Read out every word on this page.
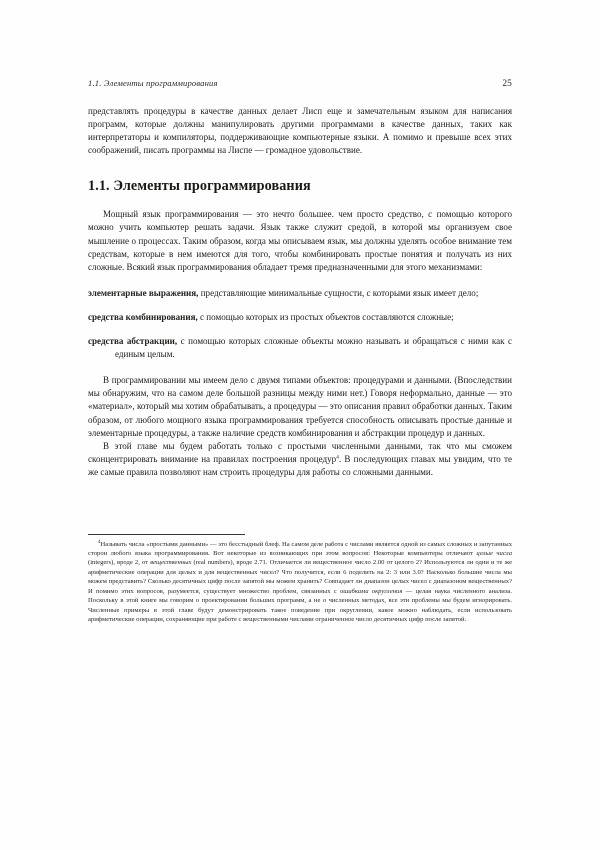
1.1. Элементы программирования	25

представлять процедуры в качестве данных делает Лисп еще и замечательным языком для написания программ, которые должны манипулировать другими программами в качестве данных, таких как интерпретаторы и компиляторы, поддерживающие компьютерные языки. А помимо и превыше всех этих соображений, писать программы на Лиспе — громадное удовольствие.

1.1. Элементы программирования

Мощный язык программирования — это нечто большее. чем просто средство, с помощью которого можно учить компьютер решать задачи. Язык также служит средой, в которой мы организуем свое мышление о процессах. Таким образом, когда мы описываем язык, мы должны уделять особое внимание тем средствам, которые в нем имеются для того, чтобы комбинировать простые понятия и получать из них сложные. Всякий язык программирования обладает тремя предназначенными для этого механизмами:

элементарные выражения, представляющие минимальные сущности, с которыми язык имеет дело;
средства комбинирования, с помощью которых из простых объектов составляются сложные;
средства абстракции, с помощью которых сложные объекты можно называть и обращаться с ними как с единым целым.

В программировании мы имеем дело с двумя типами объектов: процедурами и данными. (Впоследствии мы обнаружим, что на самом деле большой разницы между ними нет.) Говоря неформально, данные — это «материал», который мы хотим обрабатывать, а процедуры — это описания правил обработки данных. Таким образом, от любого мощного языка программирования требуется способность описывать простые данные и элементарные процедуры, а также наличие средств комбинирования и абстракции процедур и данных.

В этой главе мы будем работать только с простыми численными данными, так что мы сможем сконцентрировать внимание на правилах построения процедур$^4$. В последующих главах мы увидим, что те же самые правила позволяют нам строить процедуры для работы со сложными данными.

$^4$Называть числа «простыми данными» — это бесстыдный блеф. На самом деле работа с числами является одной из самых сложных и запутанных сторон любого языка программирования. Вот некоторые из возникающих при этом вопросов: Некоторые компьютеры отличают целые числа (integers), вроде 2, от вещественных (real numbers), вроде 2.71. Отличается ли вещественное число 2.00 от целого 2? Используются ли одни и те же арифметические операции для целых и для вещественных чисел? Что получится, если 6 поделить на 2: 3 или 3.0? Насколько большие числа мы можем представить? Сколько десятичных цифр после запятой мы можем хранить? Совпадает ли диапазон целых чисел с диапазоном вещественных? И помимо этих вопросов, разумеется, существует множество проблем, связанных с ошибками округления — целая наука численного анализа. Поскольку в этой книге мы говорим о проектировании больших программ, а не о численных методах, все эти проблемы мы будем игнорировать. Численные примеры в этой главе будут демонстрировать такое поведение при округлении, какое можно наблюдать, если использовать арифметические операции, сохраняющие при работе с вещественными числами ограниченное число десятичных цифр после запятой.
